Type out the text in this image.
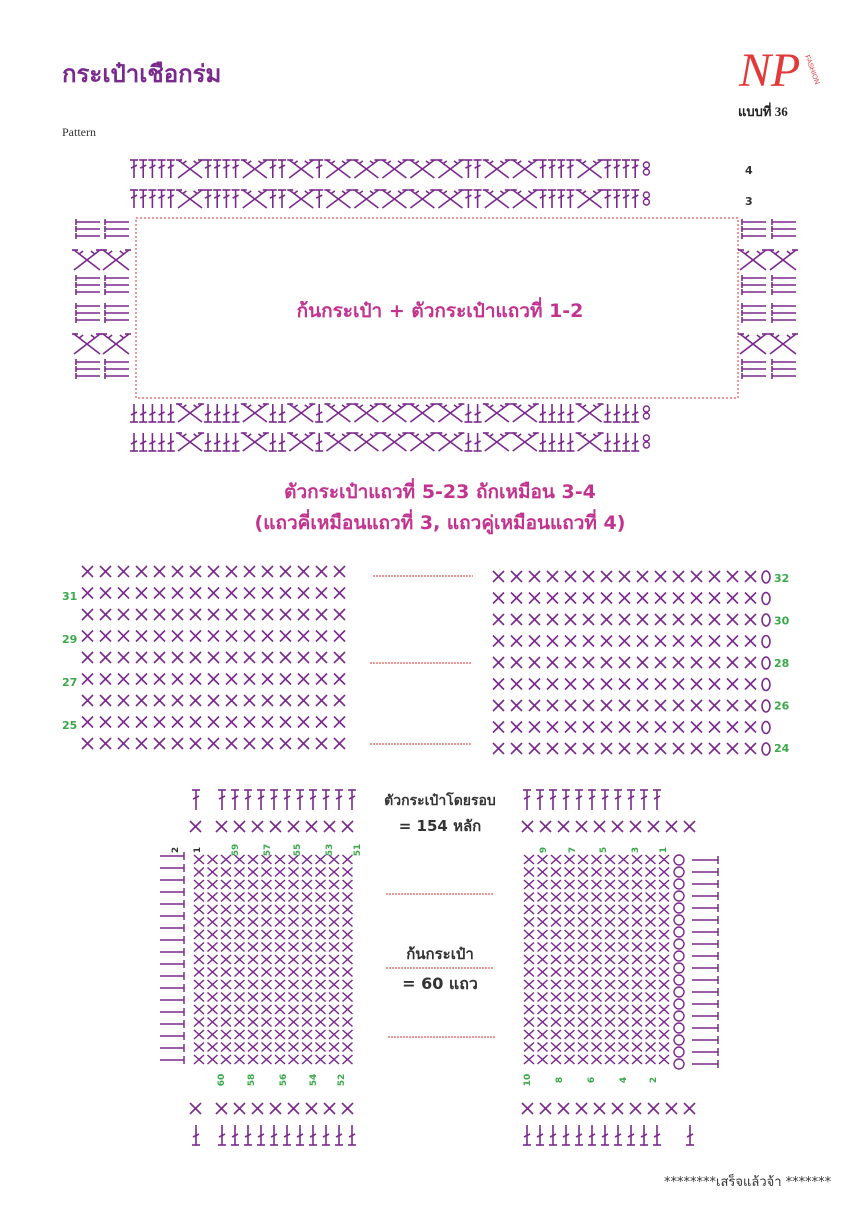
กระเป๋าเชือกร่ม
Pattern
NP FASHION
แบบที่ 36
4
3
31
29
27
25
32
30
28
26
24
2 1	59 57 55 53 51
60 58 56 54 52
9 7 5 3 1
10 8 6 4 2
ก้นกระเป๋า + ตัวกระเป๋าแถวที่ 1-2
ตัวกระเป๋าแถวที่ 5-23 ถักเหมือน 3-4
(แถวคี่เหมือนแถวที่ 3, แถวคู่เหมือนแถวที่ 4)
ตัวกระเป๋าโดยรอบ
= 154 หลัก
ก้นกระเป๋า
= 60 แถว
********เสร็จแล้วจ้า *******
